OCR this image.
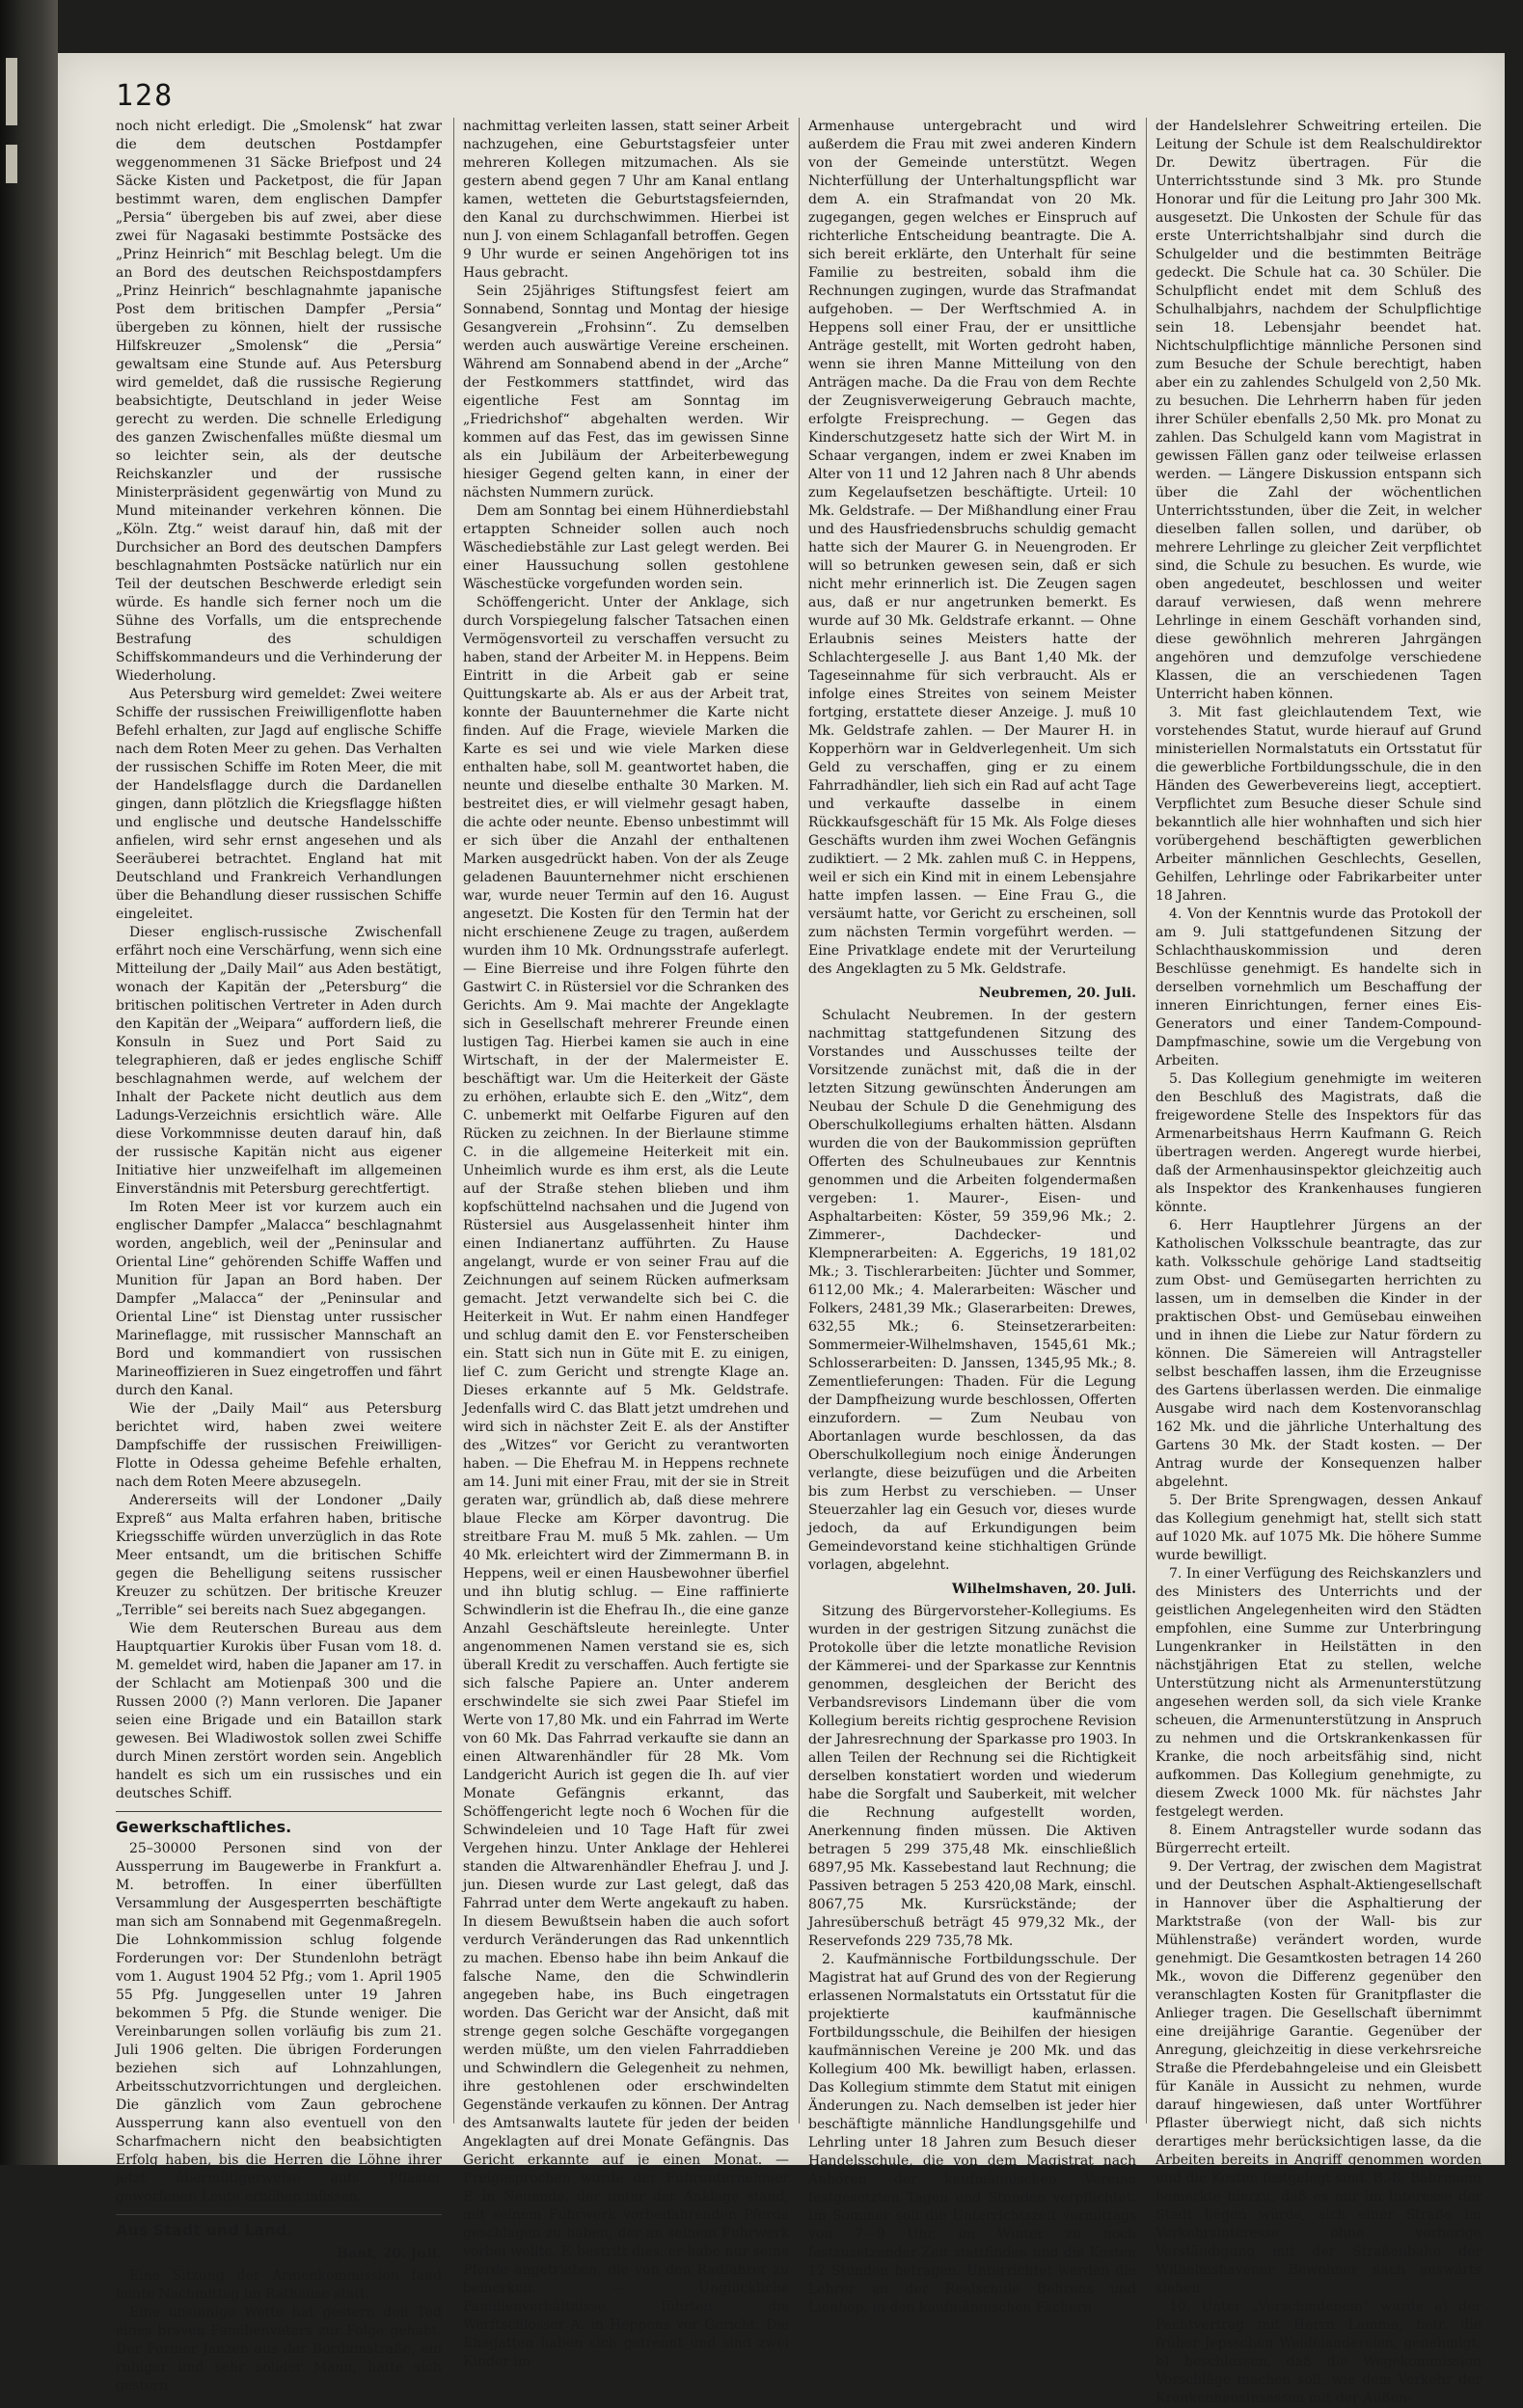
128

noch nicht erledigt. Die „Smolensk“ hat zwar die dem deutschen Postdampfer weggenommenen 31 Säcke Briefpost und 24 Säcke Kisten und Packetpost, die für Japan bestimmt waren, dem englischen Dampfer „Persia“ übergeben bis auf zwei, aber diese zwei für Nagasaki bestimmte Postsäcke des „Prinz Heinrich“ mit Beschlag belegt. Um die an Bord des deutschen Reichspostdampfers „Prinz Heinrich“ beschlagnahmte japanische Post dem britischen Dampfer „Persia“ übergeben zu können, hielt der russische Hilfskreuzer „Smolensk“ die „Persia“ gewaltsam eine Stunde auf. Aus Petersburg wird gemeldet, daß die russische Regierung beabsichtigte, Deutschland in jeder Weise gerecht zu werden. Die schnelle Erledigung des ganzen Zwischenfalles müßte diesmal um so leichter sein, als der deutsche Reichskanzler und der russische Ministerpräsident gegenwärtig von Mund zu Mund miteinander verkehren können. Die „Köln. Ztg.“ weist darauf hin, daß mit der Durchsicher an Bord des deutschen Dampfers beschlagnahmten Postsäcke natürlich nur ein Teil der deutschen Beschwerde erledigt sein würde. Es handle sich ferner noch um die Sühne des Vorfalls, um die entsprechende Bestrafung des schuldigen Schiffskommandeurs und die Verhinderung der Wiederholung.

Aus Petersburg wird gemeldet: Zwei weitere Schiffe der russischen Freiwilligenflotte haben Befehl erhalten, zur Jagd auf englische Schiffe nach dem Roten Meer zu gehen. Das Verhalten der russischen Schiffe im Roten Meer, die mit der Handelsflagge durch die Dardanellen gingen, dann plötzlich die Kriegsflagge hißten und englische und deutsche Handelsschiffe anfielen, wird sehr ernst angesehen und als Seeräuberei betrachtet. England hat mit Deutschland und Frankreich Verhandlungen über die Behandlung dieser russischen Schiffe eingeleitet.

Dieser englisch-russische Zwischenfall erfährt noch eine Verschärfung, wenn sich eine Mitteilung der „Daily Mail“ aus Aden bestätigt, wonach der Kapitän der „Petersburg“ die britischen politischen Vertreter in Aden durch den Kapitän der „Weipara“ auffordern ließ, die Konsuln in Suez und Port Said zu telegraphieren, daß er jedes englische Schiff beschlagnahmen werde, auf welchem der Inhalt der Packete nicht deutlich aus dem Ladungs-Verzeichnis ersichtlich wäre. Alle diese Vorkommnisse deuten darauf hin, daß der russische Kapitän nicht aus eigener Initiative hier unzweifelhaft im allgemeinen Einverständnis mit Petersburg gerechtfertigt.

Im Roten Meer ist vor kurzem auch ein englischer Dampfer „Malacca“ beschlagnahmt worden, angeblich, weil der „Peninsular and Oriental Line“ gehörenden Schiffe Waffen und Munition für Japan an Bord haben. Der Dampfer „Malacca“ der „Peninsular and Oriental Line“ ist Dienstag unter russischer Marineflagge, mit russischer Mannschaft an Bord und kommandiert von russischen Marineoffizieren in Suez eingetroffen und fährt durch den Kanal.

Wie der „Daily Mail“ aus Petersburg berichtet wird, haben zwei weitere Dampfschiffe der russischen Freiwilligen-Flotte in Odessa geheime Befehle erhalten, nach dem Roten Meere abzusegeln.

Andererseits will der Londoner „Daily Expreß“ aus Malta erfahren haben, britische Kriegsschiffe würden unverzüglich in das Rote Meer entsandt, um die britischen Schiffe gegen die Behelligung seitens russischer Kreuzer zu schützen. Der britische Kreuzer „Terrible“ sei bereits nach Suez abgegangen.

Wie dem Reuterschen Bureau aus dem Hauptquartier Kurokis über Fusan vom 18. d. M. gemeldet wird, haben die Japaner am 17. in der Schlacht am Motienpaß 300 und die Russen 2000 (?) Mann verloren. Die Japaner seien eine Brigade und ein Bataillon stark gewesen. Bei Wladiwostok sollen zwei Schiffe durch Minen zerstört worden sein. Angeblich handelt es sich um ein russisches und ein deutsches Schiff.

Gewerkschaftliches.

25–30000 Personen sind von der Aussperrung im Baugewerbe in Frankfurt a. M. betroffen. In einer überfüllten Versammlung der Ausgesperrten beschäftigte man sich am Sonnabend mit Gegenmaßregeln. Die Lohnkommission schlug folgende Forderungen vor: Der Stundenlohn beträgt vom 1. August 1904 52 Pfg.; vom 1. April 1905 55 Pfg. Junggesellen unter 19 Jahren bekommen 5 Pfg. die Stunde weniger. Die Vereinbarungen sollen vorläufig bis zum 21. Juli 1906 gelten. Die übrigen Forderungen beziehen sich auf Lohnzahlungen, Arbeitsschutzvorrichtungen und dergleichen. Die gänzlich vom Zaun gebrochene Aussperrung kann also eventuell von den Scharfmachern nicht den beabsichtigten Erfolg haben, bis die Herren die Löhne ihrer jetzt übermütigerweise aufs Pflaster geworfenen Leute erhöhen müssen.

Aus Stadt und Land.
Bant, 20. Juli.

Eine Sitzung der Armenkommission fand heute Nachmittag im Rathause statt.

Eine unsinnige Wette hat gestern den Tod eines braven Familienvaters zur Folge gehabt. Der Former Janzen aus der Bordumstraße, ein ruhiger und sehr solider Mann, hatte sich gestern

nachmittag verleiten lassen, statt seiner Arbeit nachzugehen, eine Geburtstagsfeier unter mehreren Kollegen mitzumachen. Als sie gestern abend gegen 7 Uhr am Kanal entlang kamen, wetteten die Geburtstagsfeiernden, den Kanal zu durchschwimmen. Hierbei ist nun J. von einem Schlaganfall betroffen. Gegen 9 Uhr wurde er seinen Angehörigen tot ins Haus gebracht.

Sein 25jähriges Stiftungsfest feiert am Sonnabend, Sonntag und Montag der hiesige Gesangverein „Frohsinn“. Zu demselben werden auch auswärtige Vereine erscheinen. Während am Sonnabend abend in der „Arche“ der Festkommers stattfindet, wird das eigentliche Fest am Sonntag im „Friedrichshof“ abgehalten werden. Wir kommen auf das Fest, das im gewissen Sinne als ein Jubiläum der Arbeiterbewegung hiesiger Gegend gelten kann, in einer der nächsten Nummern zurück.

Dem am Sonntag bei einem Hühnerdiebstahl ertappten Schneider sollen auch noch Wäschediebstähle zur Last gelegt werden. Bei einer Haussuchung sollen gestohlene Wäschestücke vorgefunden worden sein.

Schöffengericht. Unter der Anklage, sich durch Vorspiegelung falscher Tatsachen einen Vermögensvorteil zu verschaffen versucht zu haben, stand der Arbeiter M. in Heppens. Beim Eintritt in die Arbeit gab er seine Quittungskarte ab. Als er aus der Arbeit trat, konnte der Bauunternehmer die Karte nicht finden. Auf die Frage, wieviele Marken die Karte es sei und wie viele Marken diese enthalten habe, soll M. geantwortet haben, die neunte und dieselbe enthalte 30 Marken. M. bestreitet dies, er will vielmehr gesagt haben, die achte oder neunte. Ebenso unbestimmt will er sich über die Anzahl der enthaltenen Marken ausgedrückt haben. Von der als Zeuge geladenen Bauunternehmer nicht erschienen war, wurde neuer Termin auf den 16. August angesetzt. Die Kosten für den Termin hat der nicht erschienene Zeuge zu tragen, außerdem wurden ihm 10 Mk. Ordnungsstrafe auferlegt. — Eine Bierreise und ihre Folgen führte den Gastwirt C. in Rüstersiel vor die Schranken des Gerichts. Am 9. Mai machte der Angeklagte sich in Gesellschaft mehrerer Freunde einen lustigen Tag. Hierbei kamen sie auch in eine Wirtschaft, in der der Malermeister E. beschäftigt war. Um die Heiterkeit der Gäste zu erhöhen, erlaubte sich E. den „Witz“, dem C. unbemerkt mit Oelfarbe Figuren auf den Rücken zu zeichnen. In der Bierlaune stimme C. in die allgemeine Heiterkeit mit ein. Unheimlich wurde es ihm erst, als die Leute auf der Straße stehen blieben und ihm kopfschüttelnd nachsahen und die Jugend von Rüstersiel aus Ausgelassenheit hinter ihm einen Indianertanz aufführten. Zu Hause angelangt, wurde er von seiner Frau auf die Zeichnungen auf seinem Rücken aufmerksam gemacht. Jetzt verwandelte sich bei C. die Heiterkeit in Wut. Er nahm einen Handfeger und schlug damit den E. vor Fensterscheiben ein. Statt sich nun in Güte mit E. zu einigen, lief C. zum Gericht und strengte Klage an. Dieses erkannte auf 5 Mk. Geldstrafe. Jedenfalls wird C. das Blatt jetzt umdrehen und wird sich in nächster Zeit E. als der Anstifter des „Witzes“ vor Gericht zu verantworten haben. — Die Ehefrau M. in Heppens rechnete am 14. Juni mit einer Frau, mit der sie in Streit geraten war, gründlich ab, daß diese mehrere blaue Flecke am Körper davontrug. Die streitbare Frau M. muß 5 Mk. zahlen. — Um 40 Mk. erleichtert wird der Zimmermann B. in Heppens, weil er einen Hausbewohner überfiel und ihn blutig schlug. — Eine raffinierte Schwindlerin ist die Ehefrau Ih., die eine ganze Anzahl Geschäftsleute hereinlegte. Unter angenommenen Namen verstand sie es, sich überall Kredit zu verschaffen. Auch fertigte sie sich falsche Papiere an. Unter anderem erschwindelte sie sich zwei Paar Stiefel im Werte von 17,80 Mk. und ein Fahrrad im Werte von 60 Mk. Das Fahrrad verkaufte sie dann an einen Altwarenhändler für 28 Mk. Vom Landgericht Aurich ist gegen die Ih. auf vier Monate Gefängnis erkannt, das Schöffengericht legte noch 6 Wochen für die Schwindeleien und 10 Tage Haft für zwei Vergehen hinzu. Unter Anklage der Hehlerei standen die Altwarenhändler Ehefrau J. und J. jun. Diesen wurde zur Last gelegt, daß das Fahrrad unter dem Werte angekauft zu haben. In diesem Bewußtsein haben die auch sofort verdurch Veränderungen das Rad unkenntlich zu machen. Ebenso habe ihn beim Ankauf die falsche Name, den die Schwindlerin angegeben habe, ins Buch eingetragen worden. Das Gericht war der Ansicht, daß mit strenge gegen solche Geschäfte vorgegangen werden müßte, um den vielen Fahrraddieben und Schwindlern die Gelegenheit zu nehmen, ihre gestohlenen oder erschwindelten Gegenstände verkaufen zu können. Der Antrag des Amtsanwalts lautete für jeden der beiden Angeklagten auf drei Monate Gefängnis. Das Gericht erkannte auf je einen Monat. — Freigesprochen wurde der Fuhrunternehmer F. in Neuende, der unter der Anklage stand, mit seinem Fuhrwerk vorbeifahrenden Pferde geschlagen zu haben, der an seinem Fuhrwerk vorbei wollte. F. bestritt dies, er habe nur seine Pferde angetrieben, die von den Radfahrer zu bemerken. — Unglückliche Familienverhältnisse führten die Werftschlosser A. in Heppens vor Gericht. Die Ehegatten haben sich getrennt und sind zwei Kinder im

Armenhause untergebracht und wird außerdem die Frau mit zwei anderen Kindern von der Gemeinde unterstützt. Wegen Nichterfüllung der Unterhaltungspflicht war dem A. ein Strafmandat von 20 Mk. zugegangen, gegen welches er Einspruch auf richterliche Entscheidung beantragte. Die A. sich bereit erklärte, den Unterhalt für seine Familie zu bestreiten, sobald ihm die Rechnungen zugingen, wurde das Strafmandat aufgehoben. — Der Werftschmied A. in Heppens soll einer Frau, der er unsittliche Anträge gestellt, mit Worten gedroht haben, wenn sie ihren Manne Mitteilung von den Anträgen mache. Da die Frau von dem Rechte der Zeugnisverweigerung Gebrauch machte, erfolgte Freisprechung. — Gegen das Kinderschutzgesetz hatte sich der Wirt M. in Schaar vergangen, indem er zwei Knaben im Alter von 11 und 12 Jahren nach 8 Uhr abends zum Kegelaufsetzen beschäftigte. Urteil: 10 Mk. Geldstrafe. — Der Mißhandlung einer Frau und des Hausfriedensbruchs schuldig gemacht hatte sich der Maurer G. in Neuengroden. Er will so betrunken gewesen sein, daß er sich nicht mehr erinnerlich ist. Die Zeugen sagen aus, daß er nur angetrunken bemerkt. Es wurde auf 30 Mk. Geldstrafe erkannt. — Ohne Erlaubnis seines Meisters hatte der Schlachtergeselle J. aus Bant 1,40 Mk. der Tageseinnahme für sich verbraucht. Als er infolge eines Streites von seinem Meister fortging, erstattete dieser Anzeige. J. muß 10 Mk. Geldstrafe zahlen. — Der Maurer H. in Kopperhörn war in Geldverlegenheit. Um sich Geld zu verschaffen, ging er zu einem Fahrradhändler, lieh sich ein Rad auf acht Tage und verkaufte dasselbe in einem Rückkaufsgeschäft für 15 Mk. Als Folge dieses Geschäfts wurden ihm zwei Wochen Gefängnis zudiktiert. — 2 Mk. zahlen muß C. in Heppens, weil er sich ein Kind mit in einem Lebensjahre hatte impfen lassen. — Eine Frau G., die versäumt hatte, vor Gericht zu erscheinen, soll zum nächsten Termin vorgeführt werden. — Eine Privatklage endete mit der Verurteilung des Angeklagten zu 5 Mk. Geldstrafe.

Neubremen, 20. Juli.

Schulacht Neubremen. In der gestern nachmittag stattgefundenen Sitzung des Vorstandes und Ausschusses teilte der Vorsitzende zunächst mit, daß die in der letzten Sitzung gewünschten Änderungen am Neubau der Schule D die Genehmigung des Oberschulkollegiums erhalten hätten. Alsdann wurden die von der Baukommission geprüften Offerten des Schulneubaues zur Kenntnis genommen und die Arbeiten folgendermaßen vergeben: 1. Maurer-, Eisen- und Asphaltarbeiten: Köster, 59 359,96 Mk.; 2. Zimmerer-, Dachdecker- und Klempnerarbeiten: A. Eggerichs, 19 181,02 Mk.; 3. Tischlerarbeiten: Jüchter und Sommer, 6112,00 Mk.; 4. Malerarbeiten: Wäscher und Folkers, 2481,39 Mk.; Glaserarbeiten: Drewes, 632,55 Mk.; 6. Steinsetzerarbeiten: Sommermeier-Wilhelmshaven, 1545,61 Mk.; Schlosserarbeiten: D. Janssen, 1345,95 Mk.; 8. Zementlieferungen: Thaden. Für die Legung der Dampfheizung wurde beschlossen, Offerten einzufordern. — Zum Neubau von Abortanlagen wurde beschlossen, da das Oberschulkollegium noch einige Änderungen verlangte, diese beizufügen und die Arbeiten bis zum Herbst zu verschieben. — Unser Steuerzahler lag ein Gesuch vor, dieses wurde jedoch, da auf Erkundigungen beim Gemeindevorstand keine stichhaltigen Gründe vorlagen, abgelehnt.

Wilhelmshaven, 20. Juli.

Sitzung des Bürgervorsteher-Kollegiums. Es wurden in der gestrigen Sitzung zunächst die Protokolle über die letzte monatliche Revision der Kämmerei- und der Sparkasse zur Kenntnis genommen, desgleichen der Bericht des Verbandsrevisors Lindemann über die vom Kollegium bereits richtig gesprochene Revision der Jahresrechnung der Sparkasse pro 1903. In allen Teilen der Rechnung sei die Richtigkeit derselben konstatiert worden und wiederum habe die Sorgfalt und Sauberkeit, mit welcher die Rechnung aufgestellt worden, Anerkennung finden müssen. Die Aktiven betragen 5 299 375,48 Mk. einschließlich 6897,95 Mk. Kassebestand laut Rechnung; die Passiven betragen 5 253 420,08 Mark, einschl. 8067,75 Mk. Kursrückstände; der Jahresüberschuß beträgt 45 979,32 Mk., der Reservefonds 229 735,78 Mk.

2. Kaufmännische Fortbildungsschule. Der Magistrat hat auf Grund des von der Regierung erlassenen Normalstatuts ein Ortsstatut für die projektierte kaufmännische Fortbildungsschule, die Beihilfen der hiesigen kaufmännischen Vereine je 200 Mk. und das Kollegium 400 Mk. bewilligt haben, erlassen. Das Kollegium stimmte dem Statut mit einigen Änderungen zu. Nach demselben ist jeder hier beschäftigte männliche Handlungsgehilfe und Lehrling unter 18 Jahren zum Besuch dieser Handelsschule, die von dem Magistrat nach Anhören der kaufmännischen Vereine festgesetzten Tagen und Stunden verpflichtet. Im Sommer soll die Unterrichtszeit vormittags von 7—9 Uhr, im Winter zu noch festzusetzender Zeit stattfinden und die Kosten 12 Stunden betragen. Unterrichtet werden die Lehrer an der Realschule Behrens und Lienhop, in den kaufmännischen Fächern

der Handelslehrer Schweitring erteilen. Die Leitung der Schule ist dem Realschuldirektor Dr. Dewitz übertragen. Für die Unterrichtsstunde sind 3 Mk. pro Stunde Honorar und für die Leitung pro Jahr 300 Mk. ausgesetzt. Die Unkosten der Schule für das erste Unterrichtshalbjahr sind durch die Schulgelder und die bestimmten Beiträge gedeckt. Die Schule hat ca. 30 Schüler. Die Schulpflicht endet mit dem Schluß des Schulhalbjahrs, nachdem der Schulpflichtige sein 18. Lebensjahr beendet hat. Nichtschulpflichtige männliche Personen sind zum Besuche der Schule berechtigt, haben aber ein zu zahlendes Schulgeld von 2,50 Mk. zu besuchen. Die Lehrherrn haben für jeden ihrer Schüler ebenfalls 2,50 Mk. pro Monat zu zahlen. Das Schulgeld kann vom Magistrat in gewissen Fällen ganz oder teilweise erlassen werden. — Längere Diskussion entspann sich über die Zahl der wöchentlichen Unterrichtsstunden, über die Zeit, in welcher dieselben fallen sollen, und darüber, ob mehrere Lehrlinge zu gleicher Zeit verpflichtet sind, die Schule zu besuchen. Es wurde, wie oben angedeutet, beschlossen und weiter darauf verwiesen, daß wenn mehrere Lehrlinge in einem Geschäft vorhanden sind, diese gewöhnlich mehreren Jahrgängen angehören und demzufolge verschiedene Klassen, die an verschiedenen Tagen Unterricht haben können.

3. Mit fast gleichlautendem Text, wie vorstehendes Statut, wurde hierauf auf Grund ministeriellen Normalstatuts ein Ortsstatut für die gewerbliche Fortbildungsschule, die in den Händen des Gewerbevereins liegt, acceptiert. Verpflichtet zum Besuche dieser Schule sind bekanntlich alle hier wohnhaften und sich hier vorübergehend beschäftigten gewerblichen Arbeiter männlichen Geschlechts, Gesellen, Gehilfen, Lehrlinge oder Fabrikarbeiter unter 18 Jahren.

4. Von der Kenntnis wurde das Protokoll der am 9. Juli stattgefundenen Sitzung der Schlachthauskommission und deren Beschlüsse genehmigt. Es handelte sich in derselben vornehmlich um Beschaffung der inneren Einrichtungen, ferner eines Eis-Generators und einer Tandem-Compound-Dampfmaschine, sowie um die Vergebung von Arbeiten.

5. Das Kollegium genehmigte im weiteren den Beschluß des Magistrats, daß die freigewordene Stelle des Inspektors für das Armenarbeitshaus Herrn Kaufmann G. Reich übertragen werden. Angeregt wurde hierbei, daß der Armenhausinspektor gleichzeitig auch als Inspektor des Krankenhauses fungieren könnte.

6. Herr Hauptlehrer Jürgens an der Katholischen Volksschule beantragte, das zur kath. Volksschule gehörige Land stadtseitig zum Obst- und Gemüsegarten herrichten zu lassen, um in demselben die Kinder in der praktischen Obst- und Gemüsebau einweihen und in ihnen die Liebe zur Natur fördern zu können. Die Sämereien will Antragsteller selbst beschaffen lassen, ihm die Erzeugnisse des Gartens überlassen werden. Die einmalige Ausgabe wird nach dem Kostenvoranschlag 162 Mk. und die jährliche Unterhaltung des Gartens 30 Mk. der Stadt kosten. — Der Antrag wurde der Konsequenzen halber abgelehnt.

5. Der Brite Sprengwagen, dessen Ankauf das Kollegium genehmigt hat, stellt sich statt auf 1020 Mk. auf 1075 Mk. Die höhere Summe wurde bewilligt.

7. In einer Verfügung des Reichskanzlers und des Ministers des Unterrichts und der geistlichen Angelegenheiten wird den Städten empfohlen, eine Summe zur Unterbringung Lungenkranker in Heilstätten in den nächstjährigen Etat zu stellen, welche Unterstützung nicht als Armenunterstützung angesehen werden soll, da sich viele Kranke scheuen, die Armenunterstützung in Anspruch zu nehmen und die Ortskrankenkassen für Kranke, die noch arbeitsfähig sind, nicht aufkommen. Das Kollegium genehmigte, zu diesem Zweck 1000 Mk. für nächstes Jahr festgelegt werden.

8. Einem Antragsteller wurde sodann das Bürgerrecht erteilt.

9. Der Vertrag, der zwischen dem Magistrat und der Deutschen Asphalt-Aktiengesellschaft in Hannover über die Asphaltierung der Marktstraße (von der Wall- bis zur Mühlenstraße) verändert worden, wurde genehmigt. Die Gesamtkosten betragen 14 260 Mk., wovon die Differenz gegenüber den veranschlagten Kosten für Granitpflaster die Anlieger tragen. Die Gesellschaft übernimmt eine dreijährige Garantie. Gegenüber der Anregung, gleichzeitig in diese verkehrsreiche Straße die Pferdebahngeleise und ein Gleisbett für Kanäle in Aussicht zu nehmen, wurde darauf hingewiesen, daß unter Wortführer Pflaster überwiegt nicht, daß sich nichts derartiges mehr berücksichtigen lasse, da die Arbeiten bereits in Angriff genommen worden und die Kosten festgelegt sind. B.-B. Bährmann bemerkte hierzu, daß es nur im Interesse der Stadt liegen würde, sich einer Straße im Verkehrsinteresse ohne vorherige Verständigung mit der Straßenbahn der Wilhelmshavener Bewohner nach auswärts ziehen.

10. Unter „Verschiedenem“ wurde a) der Pachtvertrag mit Herrn Lamme, betr. die früher Jepsschen Weidelandereien, genehmigt; b) beschlossen, daß die Wegekommission Vorschläge machen soll, wie dem Verkehr der Krankenhausinsassen mit der Außen-
